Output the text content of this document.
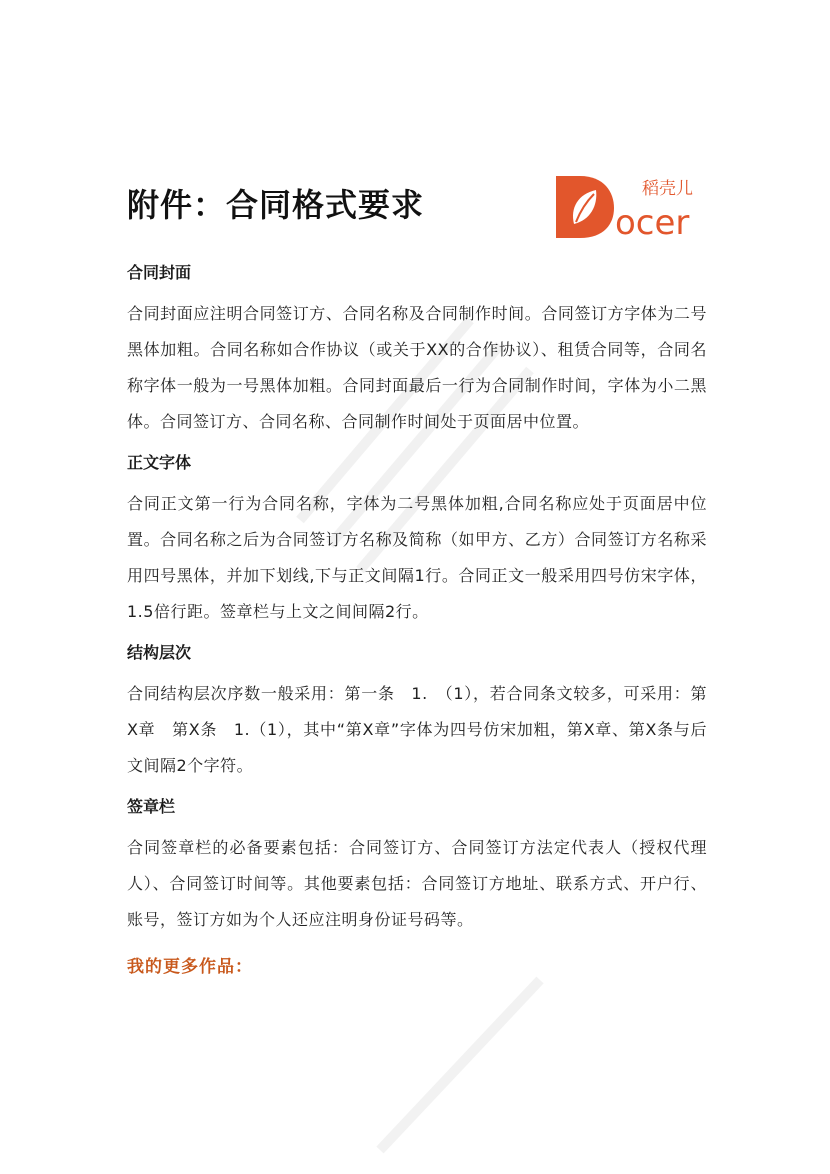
附件：合同格式要求	ocer
稻壳儿
合同封面

合同封面应注明合同签订方、合同名称及合同制作时间。合同签订方字体为二号黑体加粗。合同名称如合作协议（或关于XX的合作协议）、租赁合同等，合同名称字体一般为一号黑体加粗。合同封面最后一行为合同制作时间，字体为小二黑体。合同签订方、合同名称、合同制作时间处于页面居中位置。

正文字体

合同正文第一行为合同名称，字体为二号黑体加粗,合同名称应处于页面居中位置。合同名称之后为合同签订方名称及简称（如甲方、乙方）合同签订方名称采用四号黑体，并加下划线,下与正文间隔1行。合同正文一般采用四号仿宋字体，1.5倍行距。签章栏与上文之间间隔2行。

结构层次

合同结构层次序数一般采用：第一条　1.　（1），若合同条文较多，可采用：第X章　第X条　1.（1），其中“第X章”字体为四号仿宋加粗，第X章、第X条与后文间隔2个字符。

签章栏

合同签章栏的必备要素包括：合同签订方、合同签订方法定代表人（授权代理人）、合同签订时间等。其他要素包括：合同签订方地址、联系方式、开户行、账号，签订方如为个人还应注明身份证号码等。

我的更多作品：
